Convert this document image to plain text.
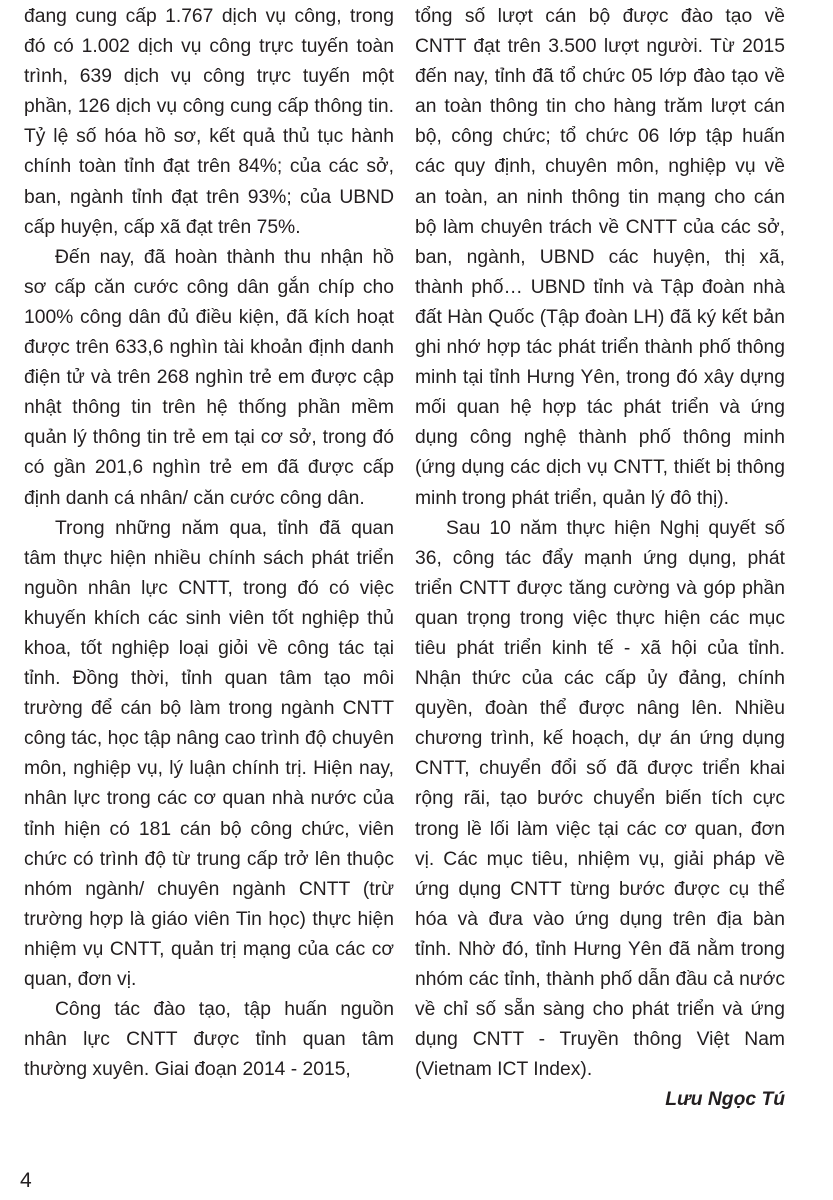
đang cung cấp 1.767 dịch vụ công, trong đó có 1.002 dịch vụ công trực tuyến toàn trình, 639 dịch vụ công trực tuyến một phần, 126 dịch vụ công cung cấp thông tin. Tỷ lệ số hóa hồ sơ, kết quả thủ tục hành chính toàn tỉnh đạt trên 84%; của các sở, ban, ngành tỉnh đạt trên 93%; của UBND cấp huyện, cấp xã đạt trên 75%.

Đến nay, đã hoàn thành thu nhận hồ sơ cấp căn cước công dân gắn chíp cho 100% công dân đủ điều kiện, đã kích hoạt được trên 633,6 nghìn tài khoản định danh điện tử và trên 268 nghìn trẻ em được cập nhật thông tin trên hệ thống phần mềm quản lý thông tin trẻ em tại cơ sở, trong đó có gần 201,6 nghìn trẻ em đã được cấp định danh cá nhân/ căn cước công dân.

Trong những năm qua, tỉnh đã quan tâm thực hiện nhiều chính sách phát triển nguồn nhân lực CNTT, trong đó có việc khuyến khích các sinh viên tốt nghiệp thủ khoa, tốt nghiệp loại giỏi về công tác tại tỉnh. Đồng thời, tỉnh quan tâm tạo môi trường để cán bộ làm trong ngành CNTT công tác, học tập nâng cao trình độ chuyên môn, nghiệp vụ, lý luận chính trị. Hiện nay, nhân lực trong các cơ quan nhà nước của tỉnh hiện có 181 cán bộ công chức, viên chức có trình độ từ trung cấp trở lên thuộc nhóm ngành/ chuyên ngành CNTT (trừ trường hợp là giáo viên Tin học) thực hiện nhiệm vụ CNTT, quản trị mạng của các cơ quan, đơn vị.

Công tác đào tạo, tập huấn nguồn nhân lực CNTT được tỉnh quan tâm thường xuyên. Giai đoạn 2014 - 2015,

tổng số lượt cán bộ được đào tạo về CNTT đạt trên 3.500 lượt người. Từ 2015 đến nay, tỉnh đã tổ chức 05 lớp đào tạo về an toàn thông tin cho hàng trăm lượt cán bộ, công chức; tổ chức 06 lớp tập huấn các quy định, chuyên môn, nghiệp vụ về an toàn, an ninh thông tin mạng cho cán bộ làm chuyên trách về CNTT của các sở, ban, ngành, UBND các huyện, thị xã, thành phố… UBND tỉnh và Tập đoàn nhà đất Hàn Quốc (Tập đoàn LH) đã ký kết bản ghi nhớ hợp tác phát triển thành phố thông minh tại tỉnh Hưng Yên, trong đó xây dựng mối quan hệ hợp tác phát triển và ứng dụng công nghệ thành phố thông minh (ứng dụng các dịch vụ CNTT, thiết bị thông minh trong phát triển, quản lý đô thị).

Sau 10 năm thực hiện Nghị quyết số 36, công tác đẩy mạnh ứng dụng, phát triển CNTT được tăng cường và góp phần quan trọng trong việc thực hiện các mục tiêu phát triển kinh tế - xã hội của tỉnh. Nhận thức của các cấp ủy đảng, chính quyền, đoàn thể được nâng lên. Nhiều chương trình, kế hoạch, dự án ứng dụng CNTT, chuyển đổi số đã được triển khai rộng rãi, tạo bước chuyển biến tích cực trong lề lối làm việc tại các cơ quan, đơn vị. Các mục tiêu, nhiệm vụ, giải pháp về ứng dụng CNTT từng bước được cụ thể hóa và đưa vào ứng dụng trên địa bàn tỉnh. Nhờ đó, tỉnh Hưng Yên đã nằm trong nhóm các tỉnh, thành phố dẫn đầu cả nước về chỉ số sẵn sàng cho phát triển và ứng dụng CNTT - Truyền thông Việt Nam (Vietnam ICT Index).

Lưu Ngọc Tú

4
